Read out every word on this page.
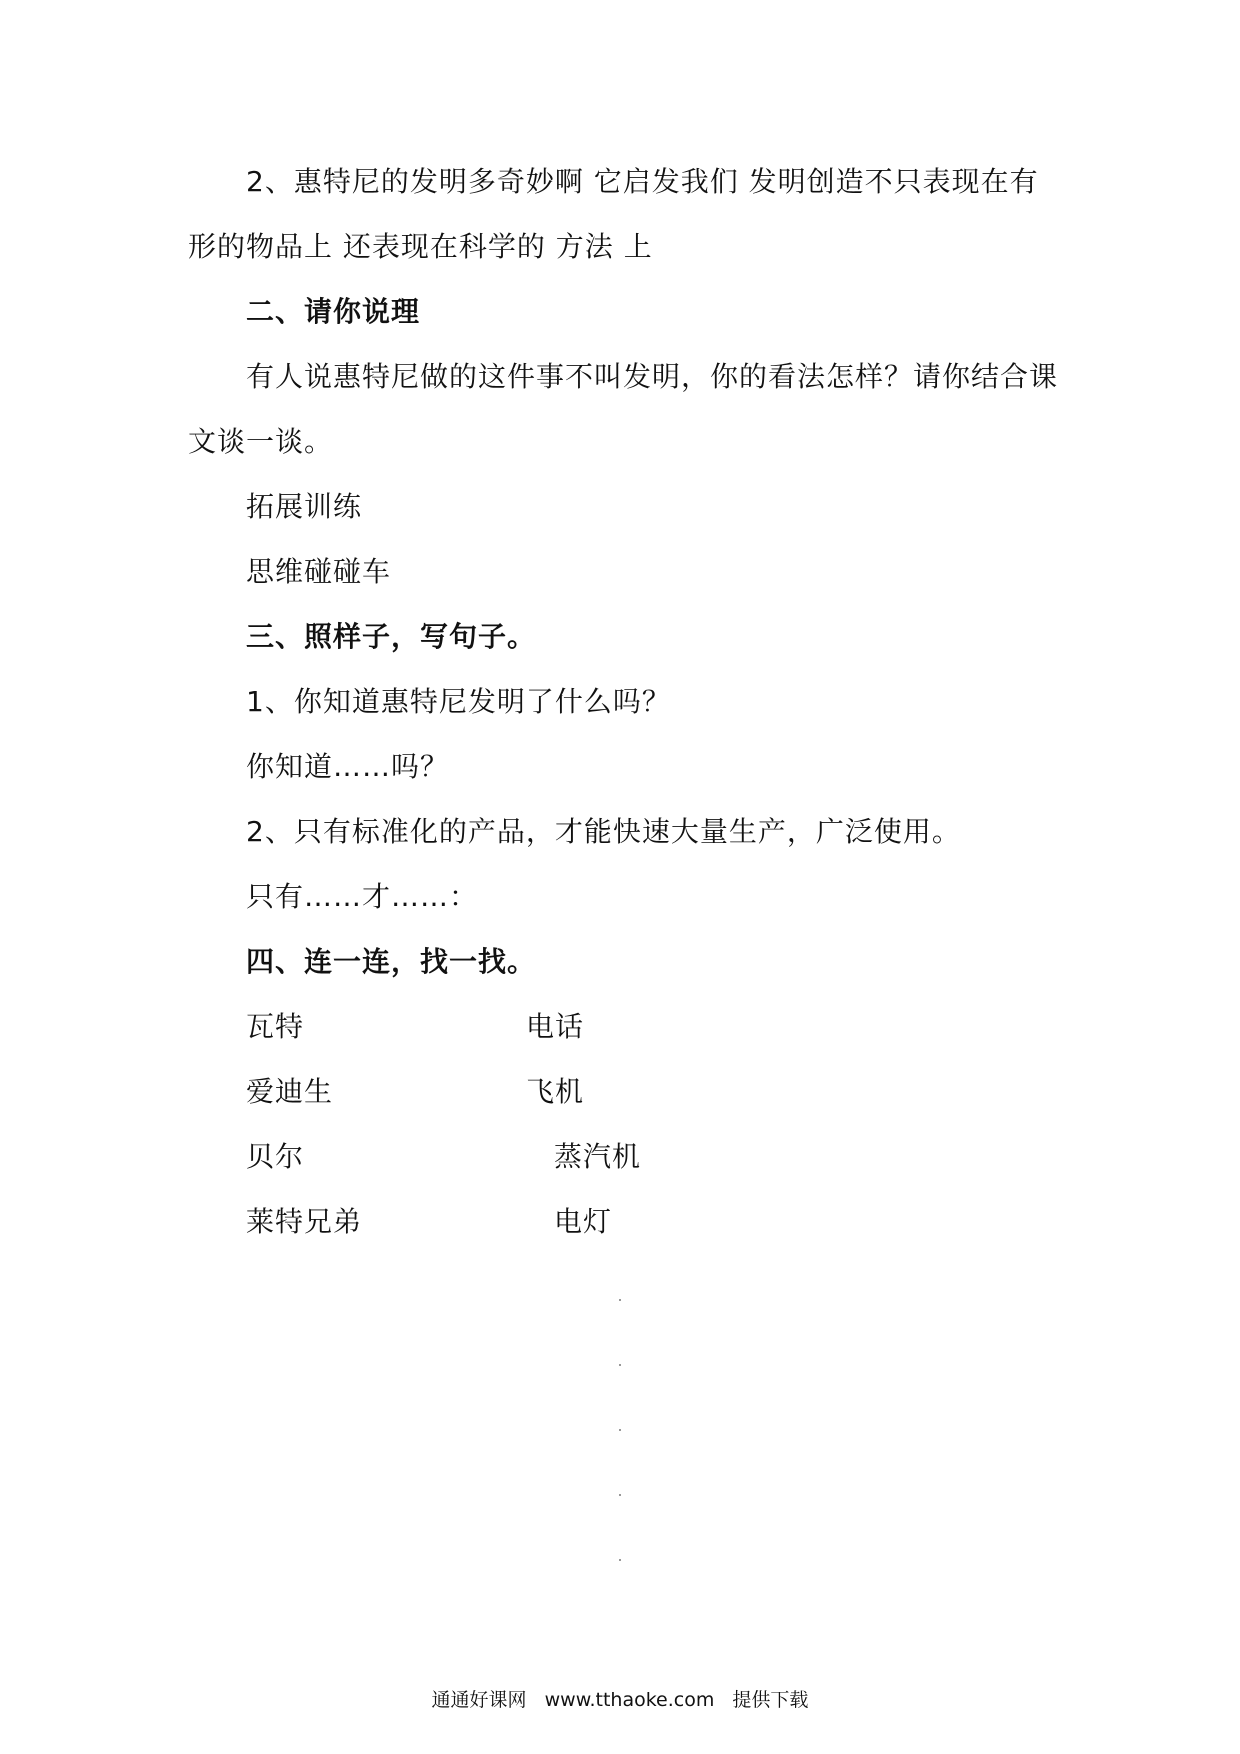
2、惠特尼的发明多奇妙啊 它启发我们 发明创造不只表现在有
形的物品上 还表现在科学的 方法 上
二、请你说理
有人说惠特尼做的这件事不叫发明，你的看法怎样？请你结合课
文谈一谈。
拓展训练
思维碰碰车
三、照样子，写句子。
1、你知道惠特尼发明了什么吗？
你知道……吗？
2、只有标准化的产品，才能快速大量生产，广泛使用。
只有……才……：
四、连一连，找一找。
瓦特	电话
爱迪生	飞机
贝尔	蒸汽机
莱特兄弟	电灯
通通好课网 www.tthaoke.com 提供下载
